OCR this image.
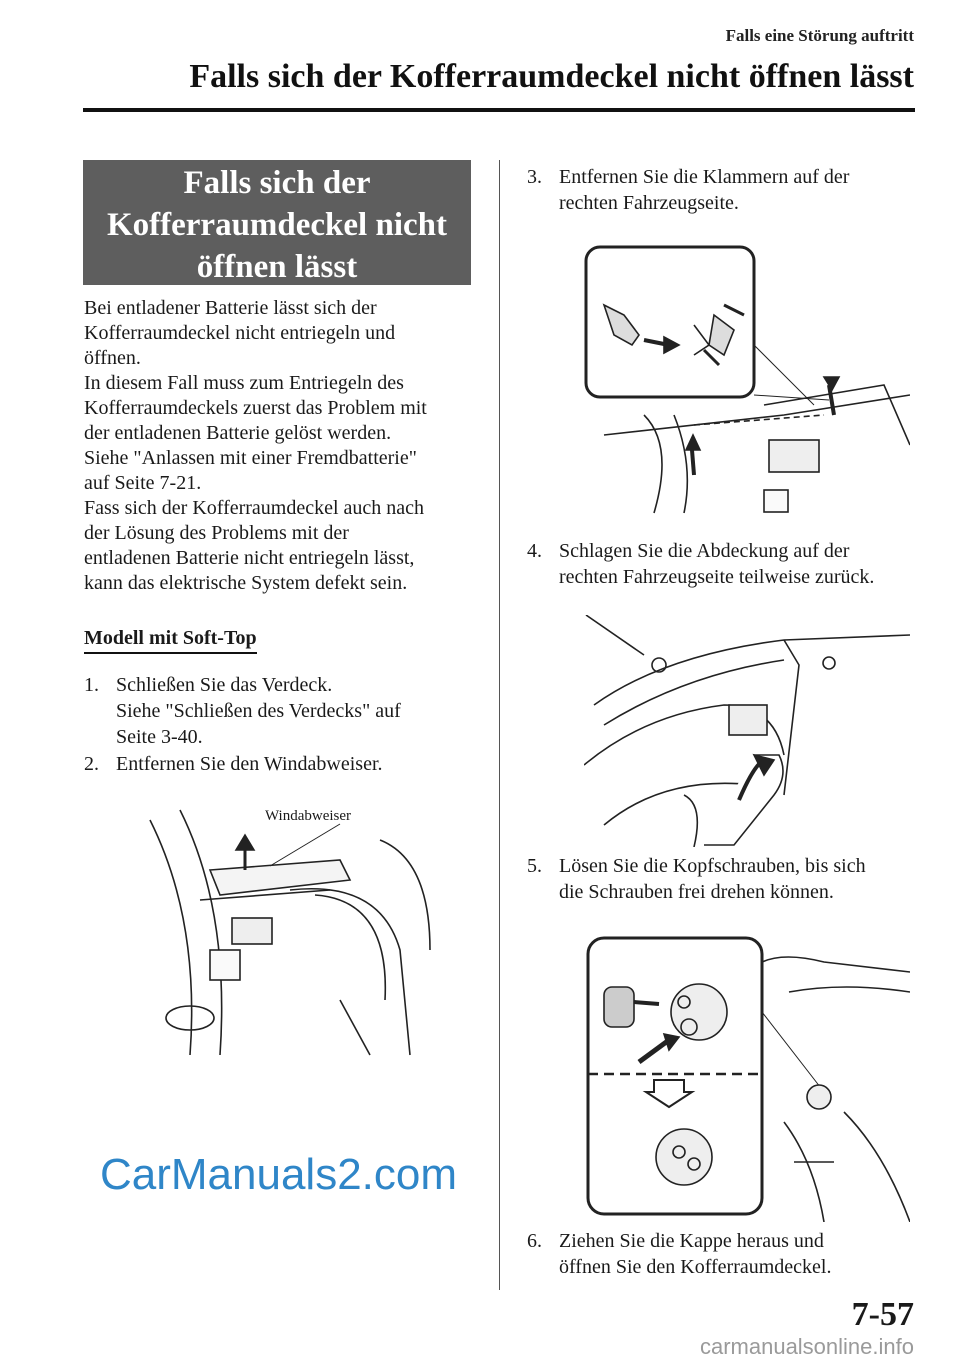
Falls eine Störung auftritt
Falls sich der Kofferraumdeckel nicht öffnen lässt
Falls sich der
Kofferraumdeckel nicht
öffnen lässt
Bei entladener Batterie lässt sich der
Kofferraumdeckel nicht entriegeln und
öffnen.
In diesem Fall muss zum Entriegeln des
Kofferraumdeckels zuerst das Problem mit
der entladenen Batterie gelöst werden.
Siehe "Anlassen mit einer Fremdbatterie"
auf Seite 7-21.
Fass sich der Kofferraumdeckel auch nach
der Lösung des Problems mit der
entladenen Batterie nicht entriegeln lässt,
kann das elektrische System defekt sein.
Modell mit Soft-Top
1. Schließen Sie das Verdeck.
Siehe "Schließen des Verdecks" auf
Seite 3-40.
2. Entfernen Sie den Windabweiser.
Windabweiser
3. Entfernen Sie die Klammern auf der
rechten Fahrzeugseite.
4. Schlagen Sie die Abdeckung auf der
rechten Fahrzeugseite teilweise zurück.
5. Lösen Sie die Kopfschrauben, bis sich
die Schrauben frei drehen können.
6. Ziehen Sie die Kappe heraus und
öffnen Sie den Kofferraumdeckel.
CarManuals2.com
7-57
carmanualsonline.info
